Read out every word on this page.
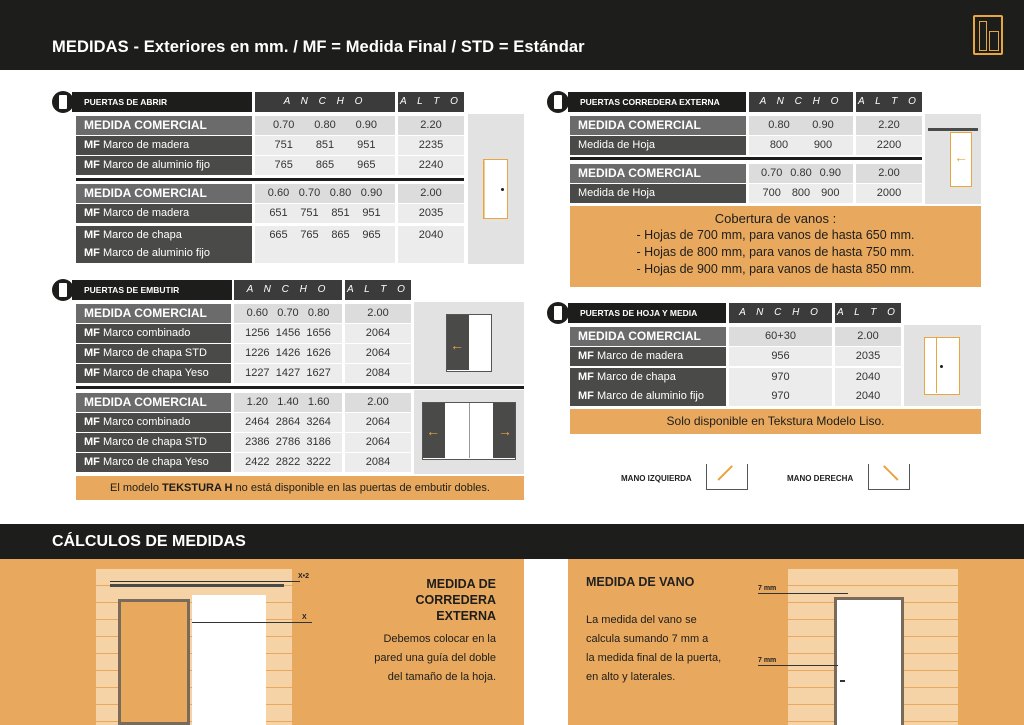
MEDIDAS - Exteriores en mm. / MF = Medida Final / STD = Estándar
PUERTAS DE ABRIR	A N C H O	A L T O
PUERTAS DE EMBUTIR	A N C H O	A L T O
←
←	→
El modelo TEKSTURA H no está disponible en las puertas de embutir dobles.
PUERTAS CORREDERA EXTERNA	A N C H O	A L T O
←
Cobertura de vanos :
- Hojas de 700 mm, para vanos de hasta 650 mm.
- Hojas de 800 mm, para vanos de hasta 750 mm.
- Hojas de 900 mm, para vanos de hasta 850 mm.
PUERTAS DE HOJA Y MEDIA	A N C H O	A L T O
Solo disponible en Tekstura Modelo Liso.
MANO IZQUIERDA	MANO DERECHA
CÁLCULOS DE MEDIDAS
X•2
X
MEDIDA DE
CORREDERA
EXTERNA
Debemos colocar en la
pared una guía del doble
del tamaño de la hoja.
MEDIDA DE VANO
La medida del vano se
calcula sumando 7 mm a
la medida final de la puerta,
en alto y laterales.
7 mm
7 mm
MEDIDA COMERCIAL	0.70 0.80 0.90	2.20
MF Marco de madera	751 851 951	2235
MF Marco de aluminio fijo	765 865 965	2240
MEDIDA COMERCIAL	0.60 0.70 0.80 0.90	2.00
MF Marco de madera	651 751 851 951	2035
MF Marco de chapa	665 765 865 965	2040
MF Marco de aluminio fijo
MEDIDA COMERCIAL	0.60 0.70 0.80	2.00
MF Marco combinado	1256 1456 1656	2064
MF Marco de chapa STD	1226 1426 1626	2064
MF Marco de chapa Yeso	1227 1427 1627	2084
MEDIDA COMERCIAL	1.20 1.40 1.60	2.00
MF Marco combinado	2464 2864 3264	2064
MF Marco de chapa STD	2386 2786 3186	2064
MF Marco de chapa Yeso	2422 2822 3222	2084
MEDIDA COMERCIAL	0.80 0.90	2.20
Medida de Hoja	800 900	2200
MEDIDA COMERCIAL	0.70 0.80 0.90	2.00
Medida de Hoja	700 800 900	2000
MEDIDA COMERCIAL	60+30	2.00
MF Marco de madera	956	2035
MF Marco de chapa	970	2040
MF Marco de aluminio fijo	970	2040
